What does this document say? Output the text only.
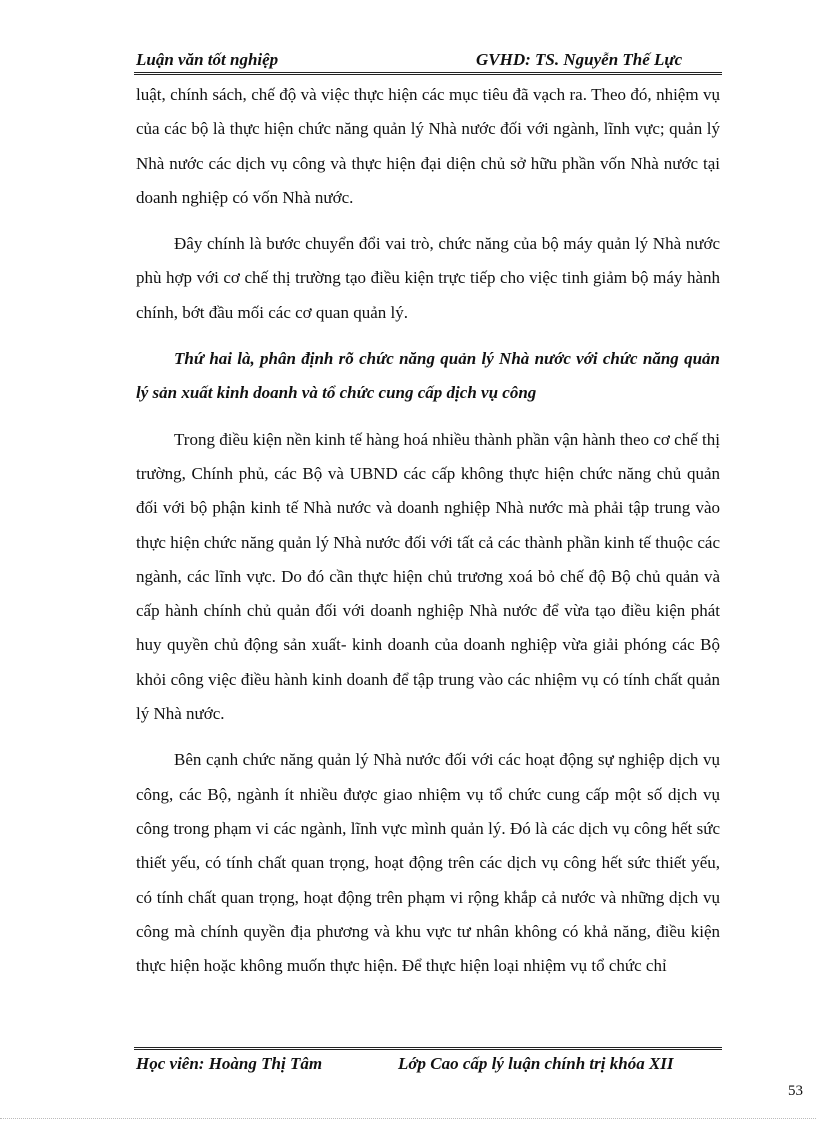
Luận văn tốt nghiệp	GVHD: TS. Nguyễn Thế Lực

luật, chính sách, chế độ và việc thực hiện các mục tiêu đã vạch ra. Theo đó, nhiệm vụ của các bộ là thực hiện chức năng quản lý Nhà nước đối với ngành, lĩnh vực; quản lý Nhà nước các dịch vụ công và thực hiện đại diện chủ sở hữu phần vốn Nhà nước tại doanh nghiệp có vốn Nhà nước.

Đây chính là bước chuyển đổi vai trò, chức năng của bộ máy quản lý Nhà nước phù hợp với cơ chế thị trường tạo điều kiện trực tiếp cho việc tinh giảm bộ máy hành chính, bớt đầu mối các cơ quan quản lý.

Thứ hai là, phân định rõ chức năng quản lý Nhà nước với chức năng quản lý sản xuất kinh doanh và tổ chức cung cấp dịch vụ công

Trong điều kiện nền kinh tế hàng hoá nhiều thành phần vận hành theo cơ chế thị trường, Chính phủ, các Bộ và UBND các cấp không thực hiện chức năng chủ quản đối với bộ phận kinh tế Nhà nước và doanh nghiệp Nhà nước mà phải tập trung vào thực hiện chức năng quản lý Nhà nước đối với tất cả các thành phần kinh tế thuộc các ngành, các lĩnh vực. Do đó cần thực hiện chủ trương xoá bỏ chế độ Bộ chủ quản và cấp hành chính chủ quản đối với doanh nghiệp Nhà nước để vừa tạo điều kiện phát huy quyền chủ động sản xuất- kinh doanh của doanh nghiệp vừa giải phóng các Bộ khỏi công việc điều hành kinh doanh để tập trung vào các nhiệm vụ có tính chất quản lý Nhà nước.

Bên cạnh chức năng quản lý Nhà nước đối với các hoạt động sự nghiệp dịch vụ công, các Bộ, ngành ít nhiều được giao nhiệm vụ tổ chức cung cấp một số dịch vụ công trong phạm vi các ngành, lĩnh vực mình quản lý. Đó là các dịch vụ công hết sức thiết yếu, có tính chất quan trọng, hoạt động trên các dịch vụ công hết sức thiết yếu, có tính chất quan trọng, hoạt động trên phạm vi rộng khắp cả nước và những dịch vụ công mà chính quyền địa phương và khu vực tư nhân không có khả năng, điều kiện thực hiện hoặc không muốn thực hiện. Để thực hiện loại nhiệm vụ tổ chức chỉ

Học viên: Hoàng Thị Tâm	Lớp Cao cấp lý luận chính trị khóa XII
53
